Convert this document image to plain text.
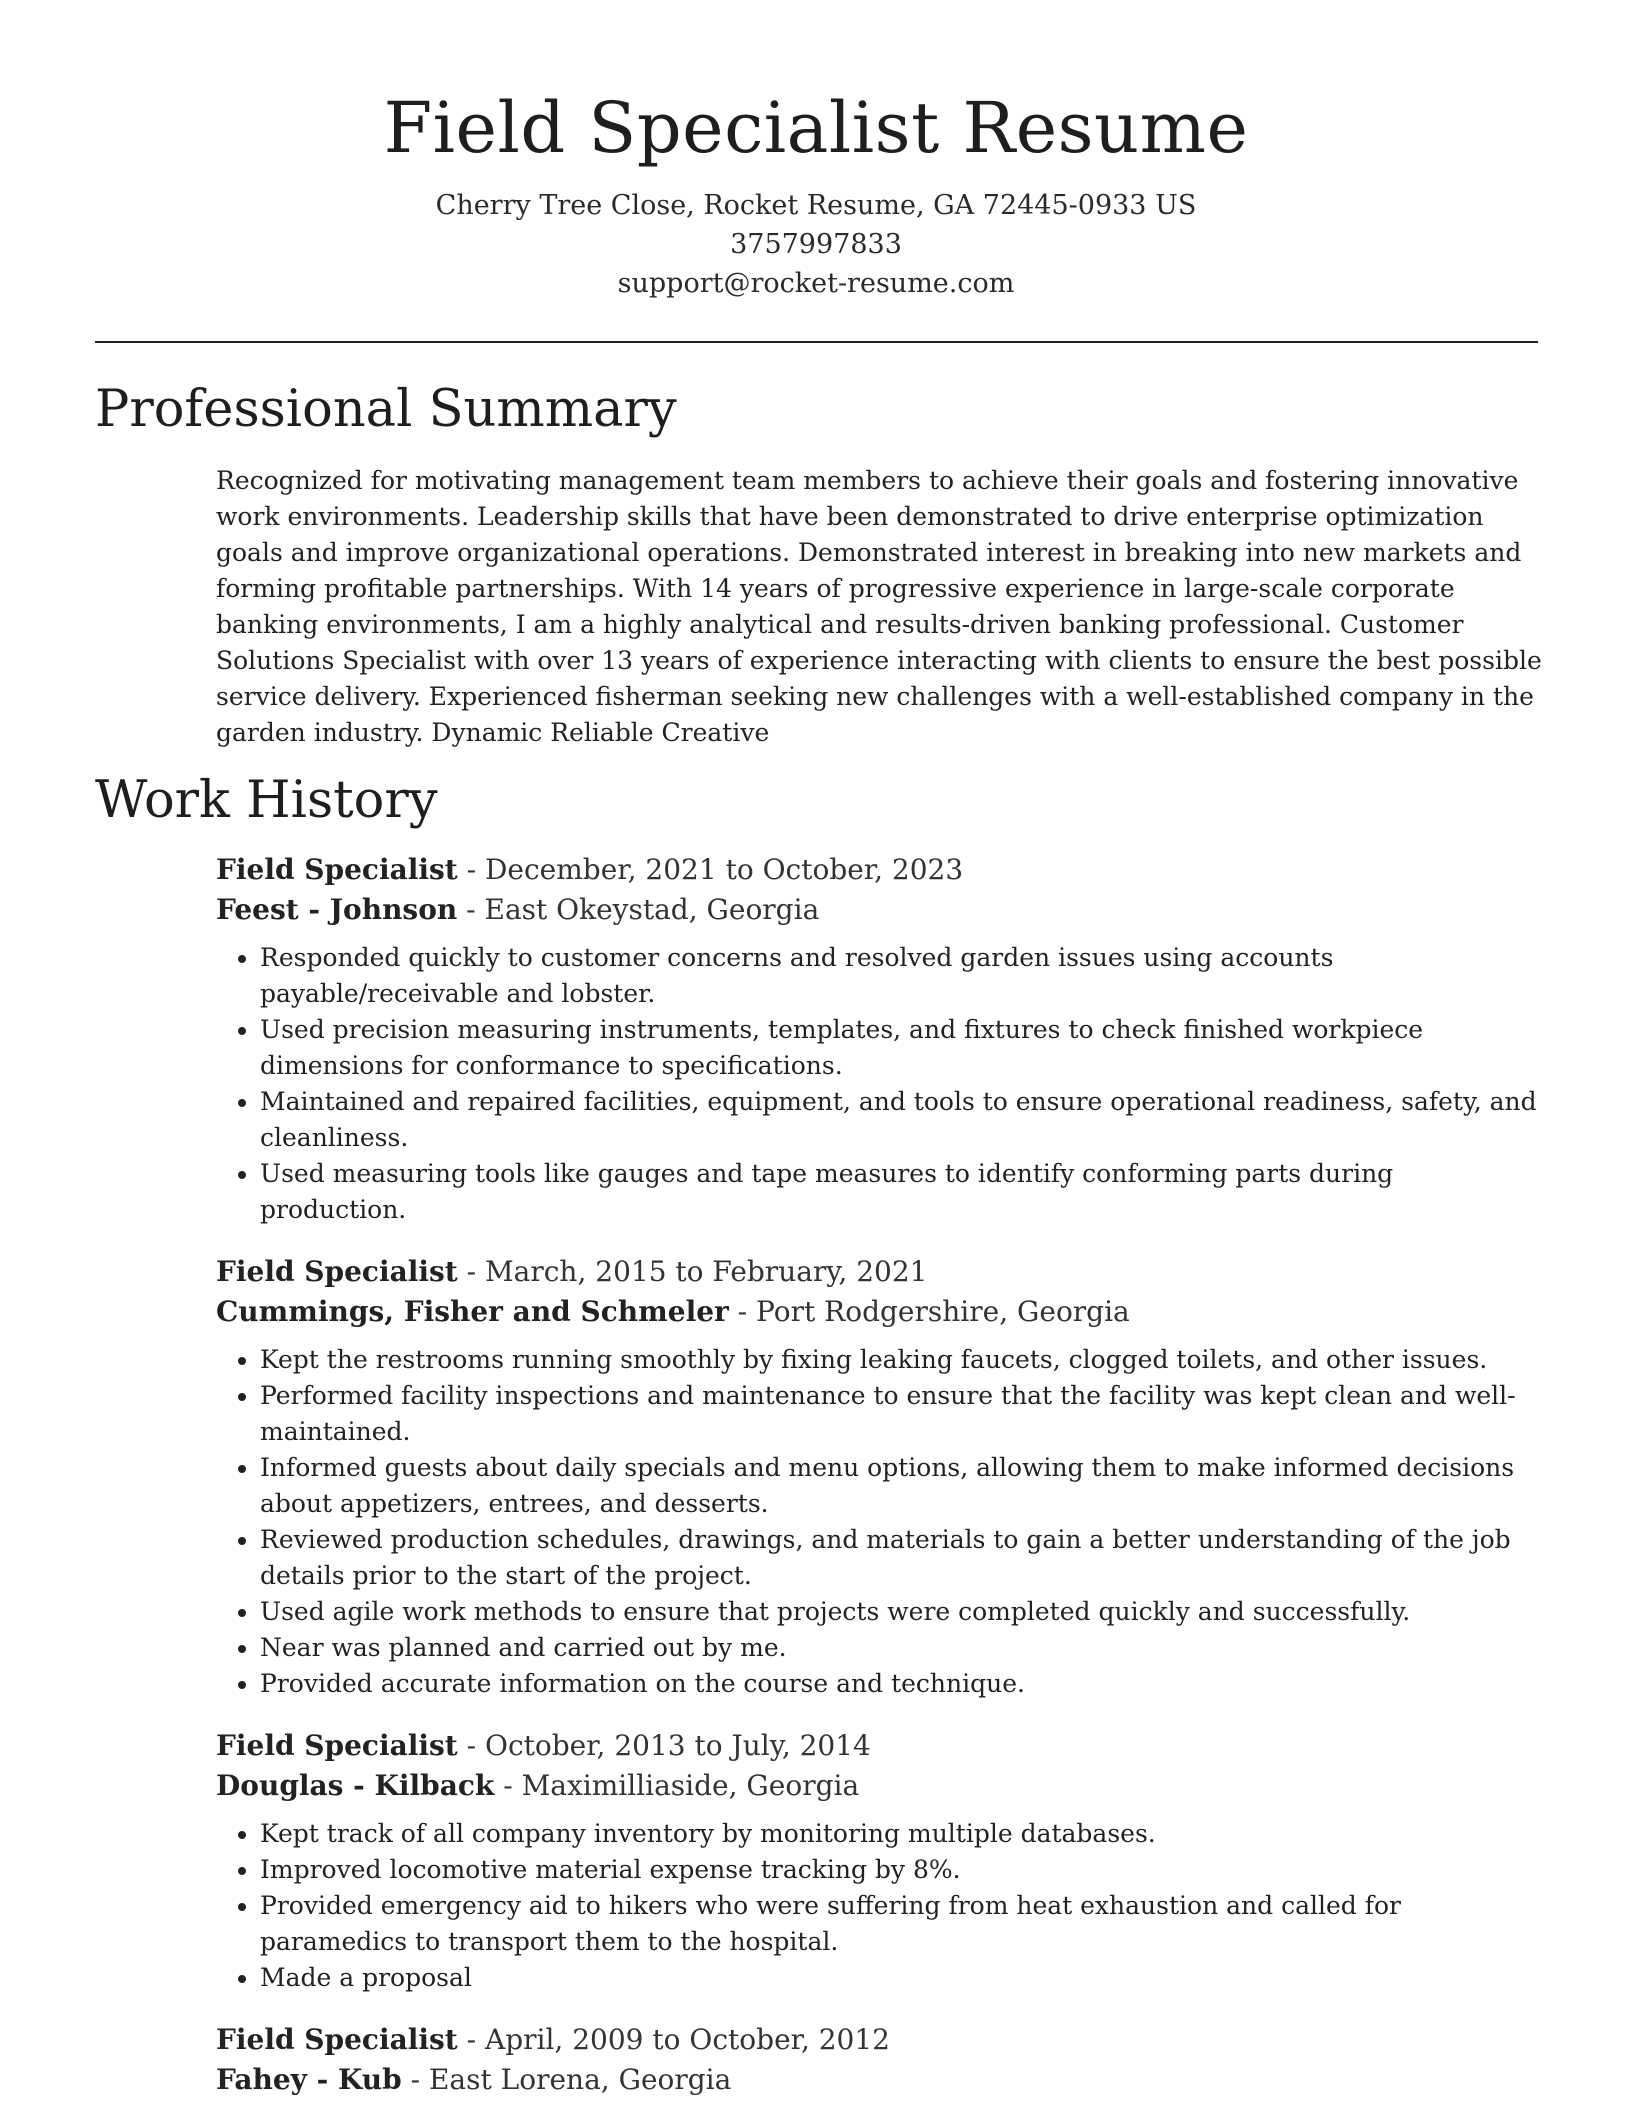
Field Specialist Resume
Cherry Tree Close, Rocket Resume, GA 72445-0933 US
3757997833
support@rocket-resume.com
Professional Summary

Recognized for motivating management team members to achieve their goals and fostering innovative work environments. Leadership skills that have been demonstrated to drive enterprise optimization goals and improve organizational operations. Demonstrated interest in breaking into new markets and forming profitable partnerships. With 14 years of progressive experience in large-scale corporate banking environments, I am a highly analytical and results-driven banking professional. Customer Solutions Specialist with over 13 years of experience interacting with clients to ensure the best possible service delivery. Experienced fisherman seeking new challenges with a well-established company in the garden industry. Dynamic Reliable Creative

Work History
Field Specialist - December, 2021 to October, 2023
Feest - Johnson - East Okeystad, Georgia
• Responded quickly to customer concerns and resolved garden issues using accounts payable/receivable and lobster.
• Used precision measuring instruments, templates, and fixtures to check finished workpiece dimensions for conformance to specifications.
• Maintained and repaired facilities, equipment, and tools to ensure operational readiness, safety, and cleanliness.
• Used measuring tools like gauges and tape measures to identify conforming parts during production.
Field Specialist - March, 2015 to February, 2021
Cummings, Fisher and Schmeler - Port Rodgershire, Georgia
• Kept the restrooms running smoothly by fixing leaking faucets, clogged toilets, and other issues.
• Performed facility inspections and maintenance to ensure that the facility was kept clean and well-maintained.
• Informed guests about daily specials and menu options, allowing them to make informed decisions about appetizers, entrees, and desserts.
• Reviewed production schedules, drawings, and materials to gain a better understanding of the job details prior to the start of the project.
• Used agile work methods to ensure that projects were completed quickly and successfully.
• Near was planned and carried out by me.
• Provided accurate information on the course and technique.
Field Specialist - October, 2013 to July, 2014
Douglas - Kilback - Maximilliaside, Georgia
• Kept track of all company inventory by monitoring multiple databases.
• Improved locomotive material expense tracking by 8%.
• Provided emergency aid to hikers who were suffering from heat exhaustion and called for paramedics to transport them to the hospital.
• Made a proposal
Field Specialist - April, 2009 to October, 2012
Fahey - Kub - East Lorena, Georgia
